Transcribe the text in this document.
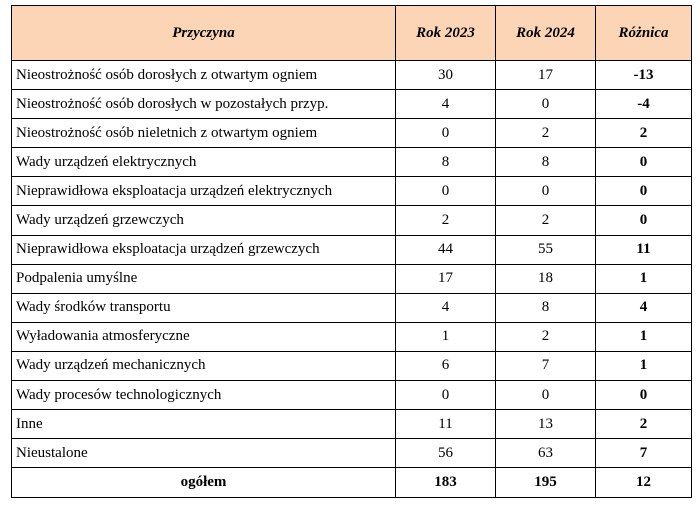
Przyczyna	Rok 2023	Rok 2024	Różnica
Nieostrożność osób dorosłych z otwartym ogniem	30	17	-13
Nieostrożność osób dorosłych w pozostałych przyp.	4	0	-4
Nieostrożność osób nieletnich z otwartym ogniem	0	2	2
Wady urządzeń elektrycznych	8	8	0
Nieprawidłowa eksploatacja urządzeń elektrycznych	0	0	0
Wady urządzeń grzewczych	2	2	0
Nieprawidłowa eksploatacja urządzeń grzewczych	44	55	11
Podpalenia umyślne	17	18	1
Wady środków transportu	4	8	4
Wyładowania atmosferyczne	1	2	1
Wady urządzeń mechanicznych	6	7	1
Wady procesów technologicznych	0	0	0
Inne	11	13	2
Nieustalone	56	63	7
ogółem	183	195	12
